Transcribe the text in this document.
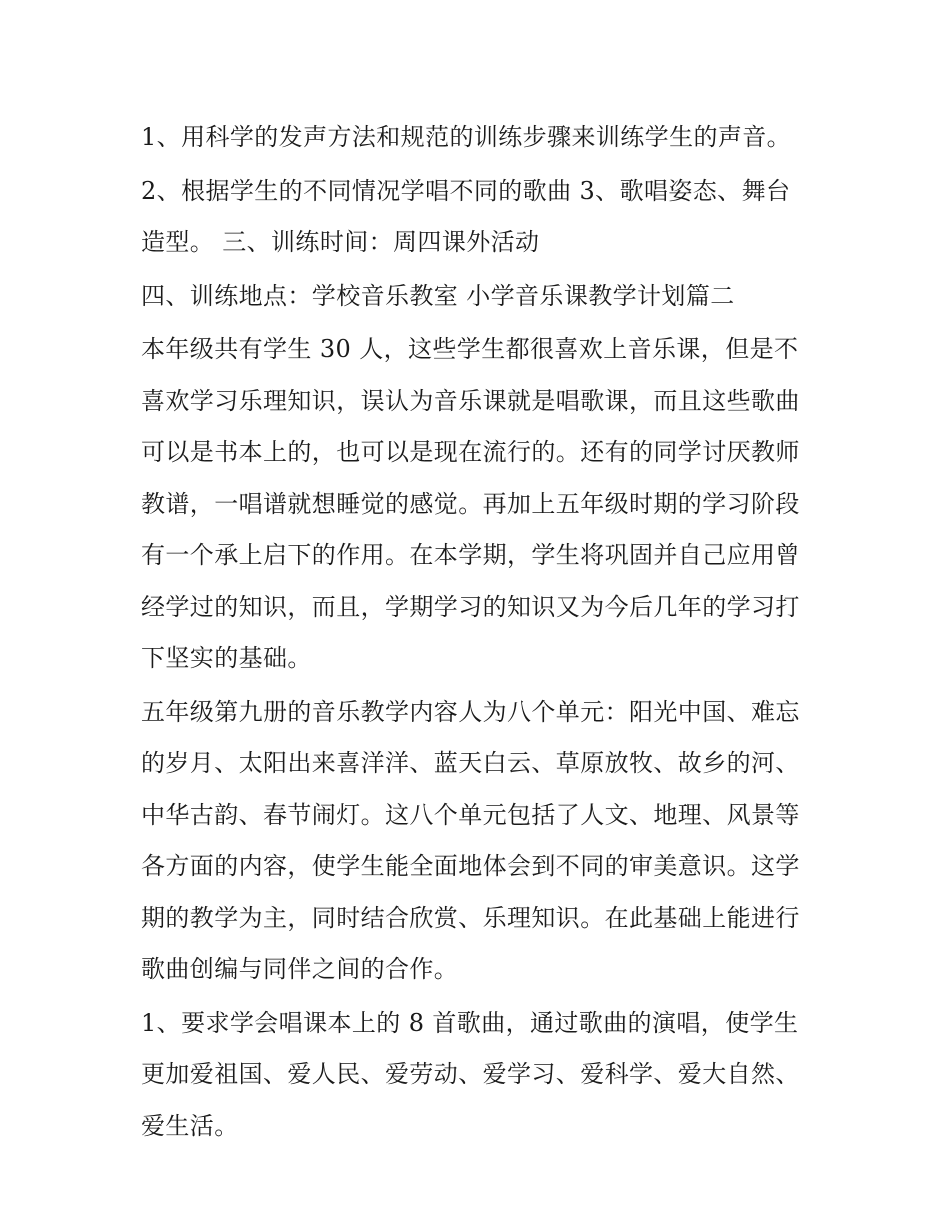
1、用科学的发声方法和规范的训练步骤来训练学生的声音。

2、根据学生的不同情况学唱不同的歌曲 3、歌唱姿态、舞台
造型。 三、训练时间：周四课外活动

四、训练地点：学校音乐教室 小学音乐课教学计划篇二

本年级共有学生 30 人，这些学生都很喜欢上音乐课，但是不
喜欢学习乐理知识，误认为音乐课就是唱歌课，而且这些歌曲
可以是书本上的，也可以是现在流行的。还有的同学讨厌教师
教谱，一唱谱就想睡觉的感觉。再加上五年级时期的学习阶段
有一个承上启下的作用。在本学期，学生将巩固并自己应用曾
经学过的知识，而且，学期学习的知识又为今后几年的学习打
下坚实的基础。

五年级第九册的音乐教学内容人为八个单元：阳光中国、难忘
的岁月、太阳出来喜洋洋、蓝天白云、草原放牧、故乡的河、
中华古韵、春节闹灯。这八个单元包括了人文、地理、风景等
各方面的内容，使学生能全面地体会到不同的审美意识。这学
期的教学为主，同时结合欣赏、乐理知识。在此基础上能进行
歌曲创编与同伴之间的合作。

1、要求学会唱课本上的 8 首歌曲，通过歌曲的演唱，使学生
更加爱祖国、爱人民、爱劳动、爱学习、爱科学、爱大自然、
爱生活。
